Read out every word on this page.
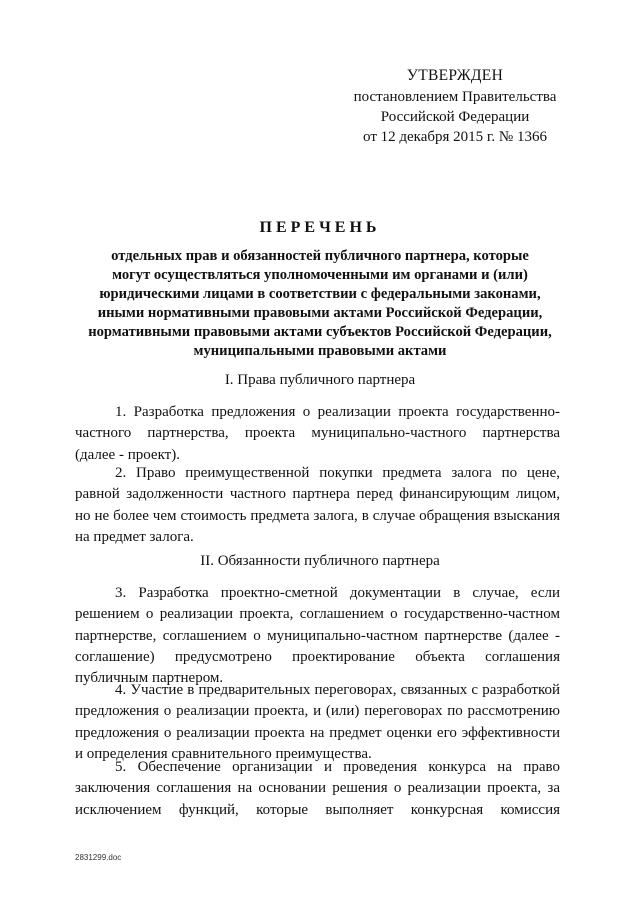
УТВЕРЖДЕН
постановлением Правительства
Российской Федерации
от 12 декабря 2015 г. № 1366
ПЕРЕЧЕНЬ
отдельных прав и обязанностей публичного партнера, которые
могут осуществляться уполномоченными им органами и (или)
юридическими лицами в соответствии с федеральными законами,
иными нормативными правовыми актами Российской Федерации,
нормативными правовыми актами субъектов Российской Федерации,
муниципальными правовыми актами
I. Права публичного партнера
1. Разработка предложения о реализации проекта государственно-
частного партнерства, проекта муниципально-частного партнерства
(далее - проект).
2. Право преимущественной покупки предмета залога по цене,
равной задолженности частного партнера перед финансирующим лицом,
но не более чем стоимость предмета залога, в случае обращения взыскания
на предмет залога.
II. Обязанности публичного партнера
3. Разработка проектно-сметной документации в случае, если
решением о реализации проекта, соглашением о государственно-частном
партнерстве, соглашением о муниципально-частном партнерстве (далее -
соглашение) предусмотрено проектирование объекта соглашения
публичным партнером.
4. Участие в предварительных переговорах, связанных с разработкой
предложения о реализации проекта, и (или) переговорах по рассмотрению
предложения о реализации проекта на предмет оценки его эффективности
и определения сравнительного преимущества.
5. Обеспечение организации и проведения конкурса на право
заключения соглашения на основании решения о реализации проекта, за
исключением функций, которые выполняет конкурсная комиссия
2831299.doc
